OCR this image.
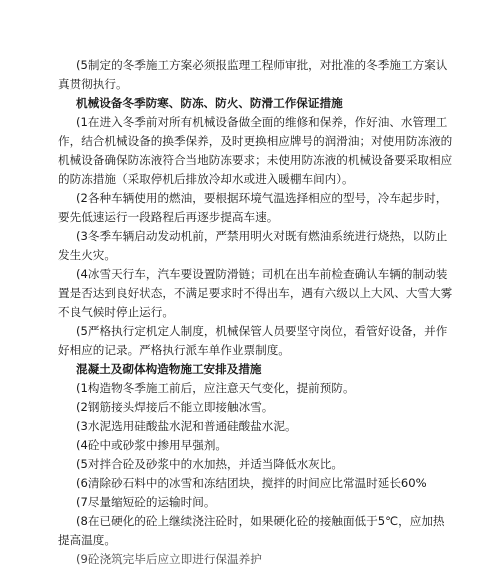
(5制定的冬季施工方案必须报监理工程师审批，对批准的冬季施工方案认
真贯彻执行。
机械设备冬季防寒、防冻、防火、防滑工作保证措施
(1在进入冬季前对所有机械设备做全面的维修和保养，作好油、水管理工
作，结合机械设备的换季保养，及时更换相应牌号的润滑油；对使用防冻液的
机械设备确保防冻液符合当地防冻要求；未使用防冻液的机械设备要采取相应
的防冻措施（采取停机后排放冷却水或进入暖棚车间内）。
(2各种车辆使用的燃油，要根据环境气温选择相应的型号，冷车起步时，
要先低速运行一段路程后再逐步提高车速。
(3冬季车辆启动发动机前，严禁用明火对既有燃油系统进行烧热，以防止
发生火灾。
(4冰雪天行车，汽车要设置防滑链；司机在出车前检查确认车辆的制动装
置是否达到良好状态，不满足要求时不得出车，遇有六级以上大风、大雪大雾
不良气候时停止运行。
(5严格执行定机定人制度，机械保管人员要坚守岗位，看管好设备，并作
好相应的记录。严格执行派车单作业票制度。
混凝土及砌体构造物施工安排及措施
(1构造物冬季施工前后，应注意天气变化，提前预防。
(2钢筋接头焊接后不能立即接触冰雪。
(3水泥选用硅酸盐水泥和普通硅酸盐水泥。
(4砼中或砂浆中掺用早强剂。
(5对拌合砼及砂浆中的水加热，并适当降低水灰比。
(6清除砂石料中的冰雪和冻结团块，搅拌的时间应比常温时延长60%
(7尽量缩短砼的运输时间。
(8在已硬化的砼上继续浇注砼时，如果硬化砼的接触面低于5℃，应加热
提高温度。
(9砼浇筑完毕后应立即进行保温养护
